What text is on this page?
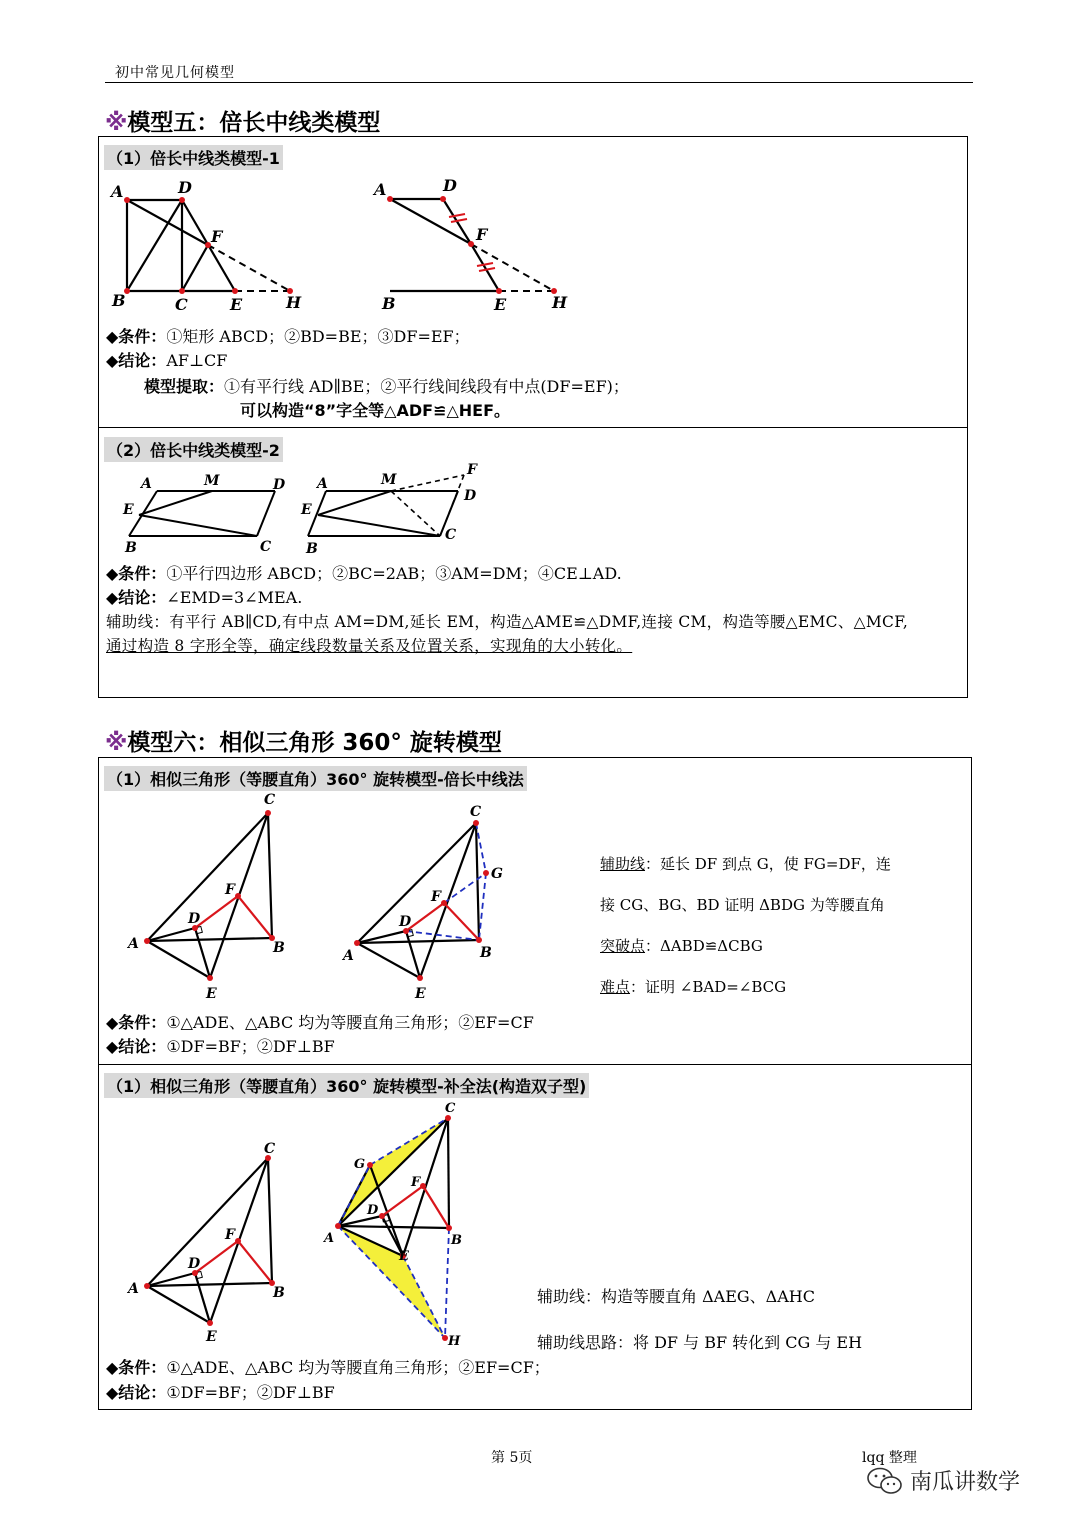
初中常见几何模型
※模型五：倍长中线类模型
（1）倍长中线类模型-1
A	D
F
B	C	E	H
A	D
F
B	E	H
◆条件：①矩形 ABCD；②BD=BE；③DF=EF；
◆结论：AF⊥CF
模型提取：①有平行线 AD∥BE；②平行线间线段有中点(DF=EF)；
可以构造“8”字全等△ADF≌△HEF。
（2）倍长中线类模型-2
A	M	D
E
B	C
A	M
F
D
E
C
B
◆条件：①平行四边形 ABCD；②BC=2AB；③AM=DM；④CE⊥AD.
◆结论：∠EMD=3∠MEA.
辅助线：有平行 AB∥CD,有中点 AM=DM,延长 EM，构造△AME≌△DMF,连接 CM，构造等腰△EMC、△MCF,
通过构造 8 字形全等，确定线段数量关系及位置关系，实现角的大小转化。
※模型六：相似三角形 360° 旋转模型
（1）相似三角形（等腰直角）360° 旋转模型-倍长中线法
C
F
D
A	B
E
C
G
F
D
A	B
E
辅助线：延长 DF 到点 G，使 FG=DF，连
接 CG、BG、BD 证明 ΔBDG 为等腰直角
突破点：ΔABD≌ΔCBG
难点：证明 ∠BAD=∠BCG
◆条件：①△ADE、△ABC 均为等腰直角三角形；②EF=CF
◆结论：①DF=BF；②DF⊥BF
（1）相似三角形（等腰直角）360° 旋转模型-补全法(构造双子型)
C
F
D
A	B
E
C
G
F
D
A	B
E
H
辅助线：构造等腰直角 ΔAEG、ΔAHC
辅助线思路：将 DF 与 BF 转化到 CG 与 EH
◆条件：①△ADE、△ABC 均为等腰直角三角形；②EF=CF；
◆结论：①DF=BF；②DF⊥BF
第 5页	lqq 整理
南瓜讲数学
